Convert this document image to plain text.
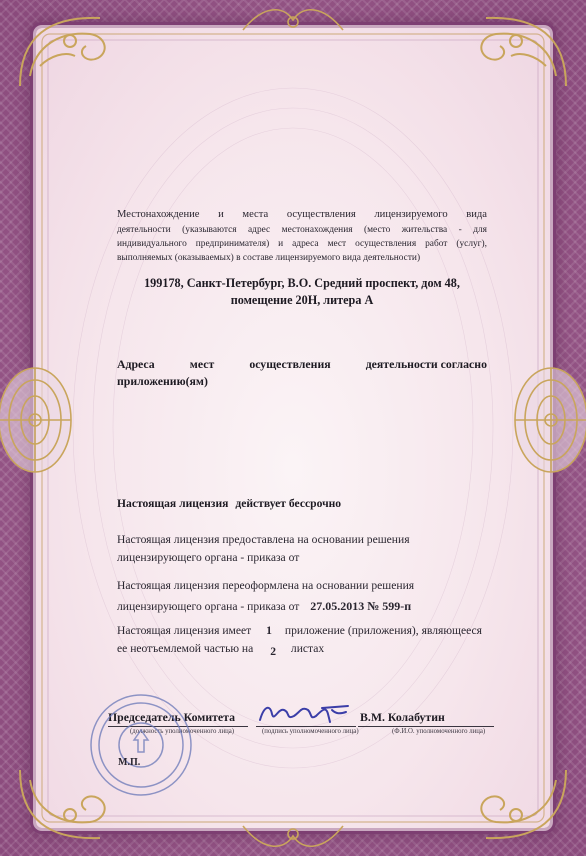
Местонахождение и места осуществления лицензируемого вида
деятельности (указываются адрес местонахождения (место жительства - для
индивидуального предпринимателя) и адреса мест осуществления работ (услуг),
выполняемых (оказываемых) в составе лицензируемого вида деятельности)
199178, Санкт-Петербург, В.О. Средний проспект, дом 48,
помещение 20Н, литера А
Адреса	мест	осуществления	деятельности согласно
приложению(ям)
Настоящая лицензия действует бессрочно
Настоящая лицензия предоставлена на основании решения
лицензирующего органа - приказа от
Настоящая лицензия переоформлена на основании решения
лицензирующего органа - приказа от 27.05.2013 № 599-п
Настоящая лицензия имеет 1 приложение (приложения), являющееся
ее неотъемлемой частью на 2 листах
Председатель Комитета
(должность уполномоченного лица)	(подпись уполномоченного лица)
В.М. Колабутин
(Ф.И.О. уполномоченного лица)
М.П.
